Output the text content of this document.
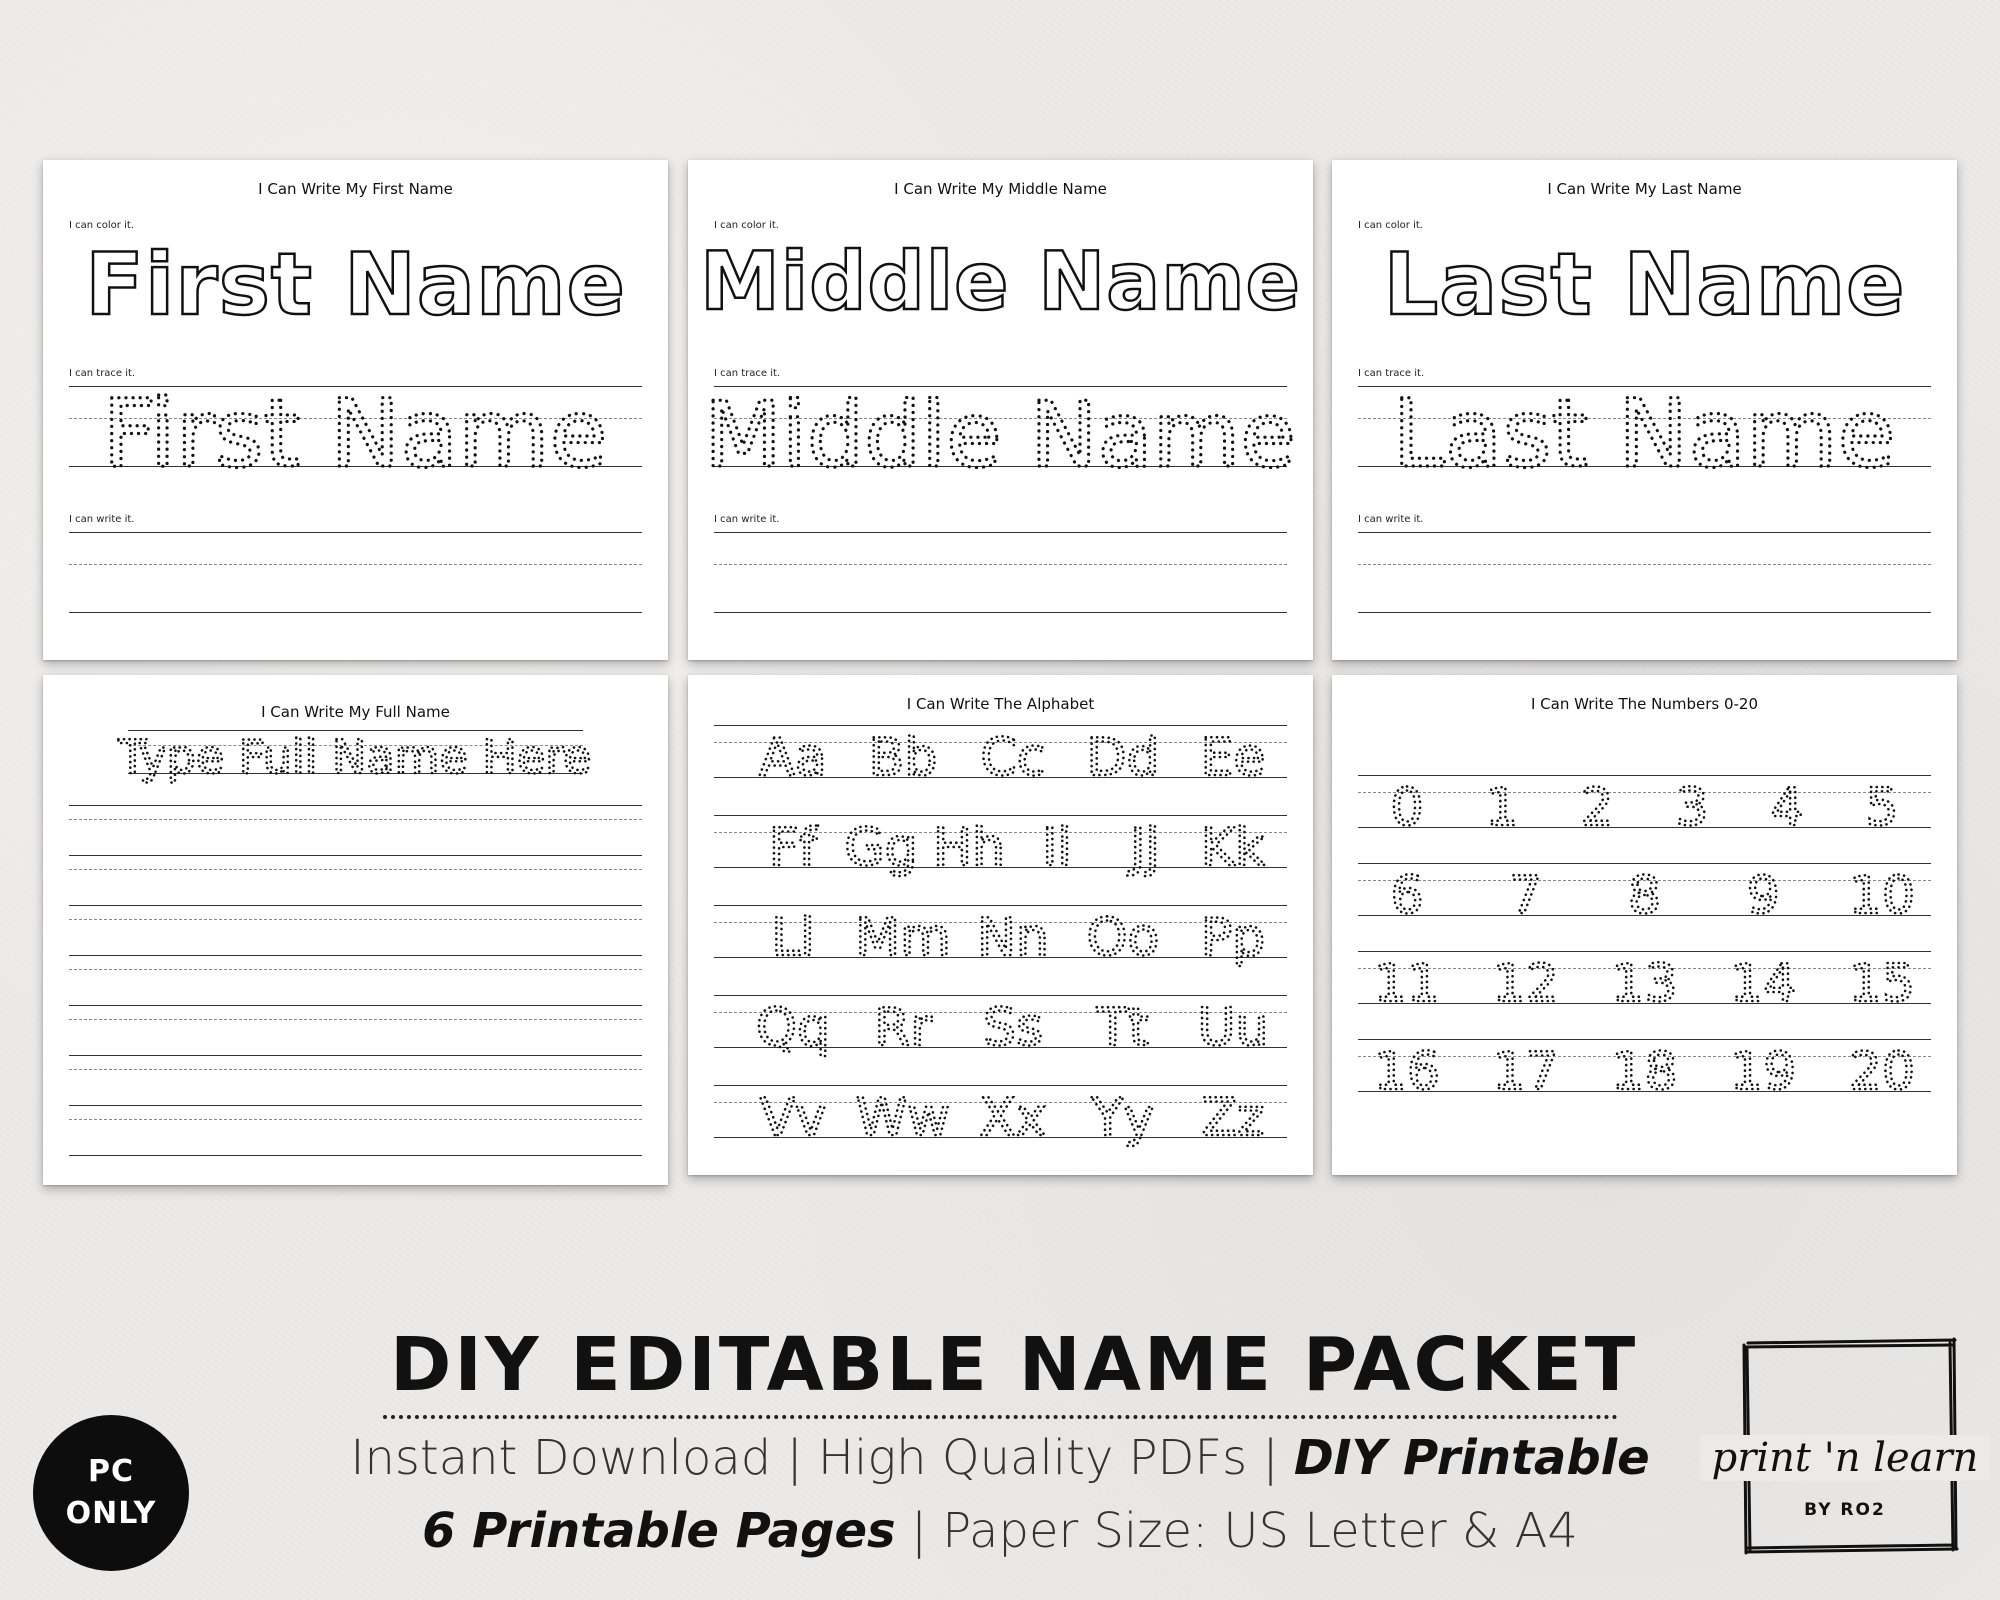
I Can Write My First Name
I can color it.
First Name
I can trace it.
First Name
I can write it.
I Can Write My Middle Name
I can color it.
Middle Name
I can trace it.
Middle Name
I can write it.
I Can Write My Last Name
I can color it.
Last Name
I can trace it.
Last Name
I can write it.
I Can Write My Full Name
Type Full Name Here
I Can Write The Alphabet
Aa Bb Cc Dd Ee
Ff Gg Hh Ii Jj Kk
Ll Mm Nn Oo Pp
Qq Rr Ss Tt Uu
Vv Ww Xx Yy Zz
I Can Write The Numbers 0-20
0 1 2 3 4 5
6 7 8 9 10
11 12 13 14 15
16 17 18 19 20
DIY EDITABLE NAME PACKET
Instant Download | High Quality PDFs | DIY Printable
6 Printable Pages | Paper Size: US Letter & A4
PC
ONLY
print 'n learn
BY RO2
